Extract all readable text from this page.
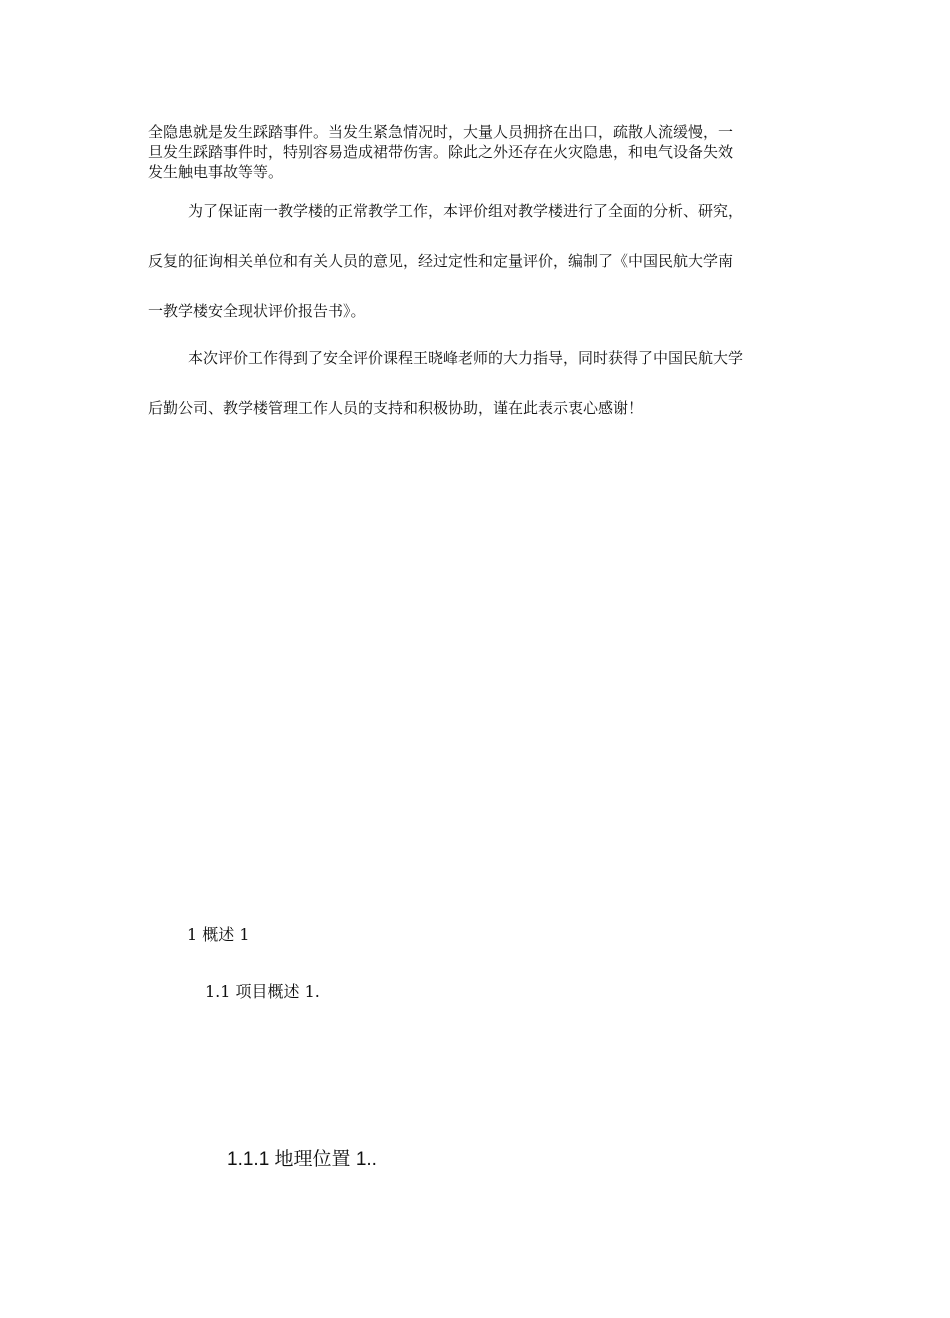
全隐患就是发生踩踏事件。当发生紧急情况时，大量人员拥挤在出口，疏散人流缓慢，一
旦发生踩踏事件时，特别容易造成裙带伤害。除此之外还存在火灾隐患，和电气设备失效
发生触电事故等等。
为了保证南一教学楼的正常教学工作，本评价组对教学楼进行了全面的分析、研究，
反复的征询相关单位和有关人员的意见，经过定性和定量评价，编制了《中国民航大学南
一教学楼安全现状评价报告书》。
本次评价工作得到了安全评价课程王晓峰老师的大力指导，同时获得了中国民航大学
后勤公司、教学楼管理工作人员的支持和积极协助，谨在此表示衷心感谢！
1 概述 1
1.1 项目概述 1.
1.1.1 地理位置 1..
